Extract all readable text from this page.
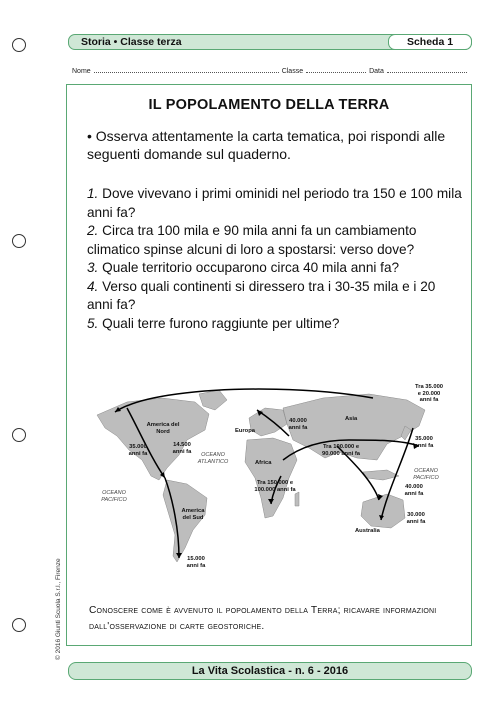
Storia • Classe terza	Scheda 1
Nome	Classe	Data
IL POPOLAMENTO DELLA TERRA
• Osserva attentamente la carta tematica, poi rispondi alle seguenti domande sul quaderno.

1. Dove vivevano i primi ominidi nel periodo tra 150 e 100 mila anni fa?

2. Circa tra 100 mila e 90 mila anni fa un cambiamento climatico spinse alcuni di loro a spostarsi: verso dove?

3. Quale territorio occuparono circa 40 mila anni fa?

4. Verso quali continenti si diressero tra i 30-35 mila e i 20 anni fa?

5. Quali terre furono raggiunte per ultime?

America del Nord
America del Sud
Europa
Africa
Asia
Australia
OCEANO ATLANTICO
OCEANO PACIFICO
OCEANO PACIFICO
35.000 anni fa
14.500 anni fa
15.000 anni fa
40.000 anni fa
Tra 100.000 e 90.000 anni fa
Tra 150.000 e 100.000 anni fa
Tra 35.000 e 20.000 anni fa
40.000 anni fa
35.000 anni fa
30.000 anni fa
Conoscere come è avvenuto il popolamento della Terra; ricavare informazioni dall'osservazione di carte geostoriche.
© 2016 Giunti Scuola S.r.l., Firenze
La Vita Scolastica - n. 6 - 2016
